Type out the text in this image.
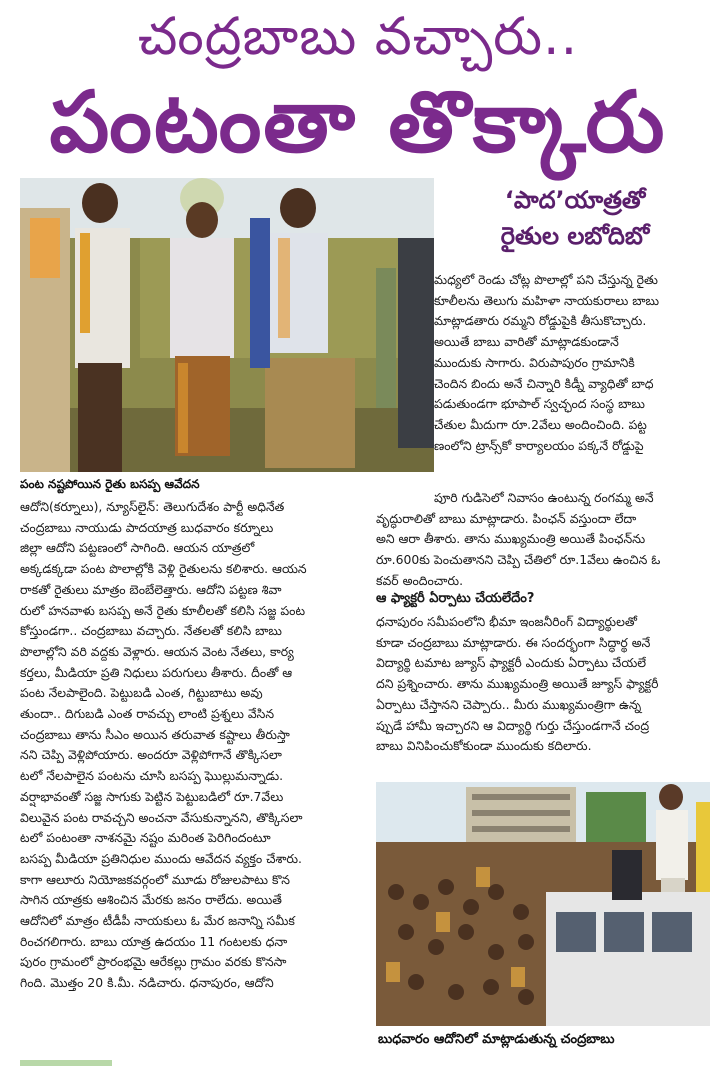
చంద్రబాబు వచ్చారు..
పంటంతా తొక్కారు
పంట నష్టపోయిన రైతు బసప్ప ఆవేదన
‘పాద’యాత్రతో
రైతుల లబోదిబో

మధ్యలో రెండు చోట్ల పొలాల్లో పని చేస్తున్న రైతు

కూలీలను తెలుగు మహిళా నాయకురాలు బాబు

మాట్లాడతారు రమ్మని రోడ్డుపైకి తీసుకొచ్చారు.

అయితే బాబు వారితో మాట్లాడకుండానే

ముందుకు సాగారు. విరుపాపురం గ్రామానికి

చెందిన బిందు అనే చిన్నారి కిడ్నీ వ్యాధితో బాధ

పడుతుండగా భూపాల్ స్వచ్ఛంద సంస్థ బాబు

చేతుల మీదుగా రూ.2వేలు అందించింది. పట్ట

ణంలోని ట్రాన్స్‌కో కార్యాలయం పక్కనే రోడ్డుపై

పూరి గుడిసెలో నివాసం ఉంటున్న రంగమ్మ అనే

వృద్ధురాలితో బాబు మాట్లాడారు. పింఛన్ వస్తుందా లేదా

అని ఆరా తీశారు. తాను ముఖ్యమంత్రి అయితే పింఛన్‌ను

రూ.600కు పెంచుతానని చెప్పి చేతిలో రూ.1వేలు ఉంచిన ఓ

కవర్ అందించారు.

ఆ ఫ్యాక్టరీ ఏర్పాటు చేయలేదేం?

ధనాపురం సమీపంలోని భీమా ఇంజనీరింగ్ విద్యార్థులతో

కూడా చంద్రబాబు మాట్లాడారు. ఈ సందర్భంగా సిద్ధార్థ అనే

విద్యార్థి టమాట జ్యూస్ ఫ్యాక్టరీ ఎందుకు ఏర్పాటు చేయలే

దని ప్రశ్నించారు. తాను ముఖ్యమంత్రి అయితే జ్యూస్ ఫ్యాక్టరీ

ఏర్పాటు చేస్తానని చెప్పారు.. మీరు ముఖ్యమంత్రిగా ఉన్న

ప్పుడే హామీ ఇచ్చారని ఆ విద్యార్థి గుర్తు చేస్తుండగానే చంద్ర

బాబు వినిపించుకోకుండా ముందుకు కదిలారు.

ఆదోని(కర్నూలు), న్యూస్‌లైన్: తెలుగుదేశం పార్టీ అధినేత

చంద్రబాబు నాయుడు పాదయాత్ర బుధవారం కర్నూలు

జిల్లా ఆదోని పట్టణంలో సాగింది. ఆయన యాత్రలో

అక్కడక్కడా పంట పొలాల్లోకి వెళ్లి రైతులను కలిశారు. ఆయన

రాకతో రైతులు మాత్రం బెంబేలెత్తారు. ఆదోని పట్టణ శివా

రులో హనవాళు బసప్ప అనే రైతు కూలీలతో కలిసి సజ్జ పంట

కోస్తుండగా.. చంద్రబాబు వచ్చారు. నేతలతో కలిసి బాబు

పొలాల్లోని వరి వద్దకు వెళ్లారు. ఆయన వెంట నేతలు, కార్య

కర్తలు, మీడియా ప్రతి నిధులు పరుగులు తీశారు. దీంతో ఆ

పంట నేలపాలైంది. పెట్టుబడి ఎంత, గిట్టుబాటు అవు

తుందా.. దిగుబడి ఎంత రావచ్చు లాంటి ప్రశ్నలు వేసిన

చంద్రబాబు తాను సీఎం అయిన తరువాత కష్టాలు తీరుస్తా

నని చెప్పి వెళ్లిపోయారు. అందరూ వెళ్లిపోగానే తొక్కిసలా

టలో నేలపాలైన పంటను చూసి బసప్ప ఘొల్లుమన్నాడు.

వర్షాభావంతో సజ్జ సాగుకు పెట్టిన పెట్టుబడిలో రూ.7వేలు

విలువైన పంట రావచ్చని అంచనా వేసుకున్నానని, తొక్కిసలా

టలో పంటంతా నాశనమై నష్టం మరింత పెరిగిందంటూ

బసప్ప మీడియా ప్రతినిధుల ముందు ఆవేదన వ్యక్తం చేశారు.

కాగా ఆలూరు నియోజకవర్గంలో మూడు రోజులపాటు కొన

సాగిన యాత్రకు ఆశించిన మేరకు జనం రాలేదు. అయితే

ఆదోనిలో మాత్రం టీడీపీ నాయకులు ఓ మేర జనాన్ని సమీక

రించగలిగారు. బాబు యాత్ర ఉదయం 11 గంటలకు ధనా

పురం గ్రామంలో ప్రారంభమై ఆరేకల్లు గ్రామం వరకు కొనసా

గింది. మొత్తం 20 కి.మీ. నడిచారు. ధనాపురం, ఆదోని

బుధవారం ఆదోనిలో మాట్లాడుతున్న చంద్రబాబు
